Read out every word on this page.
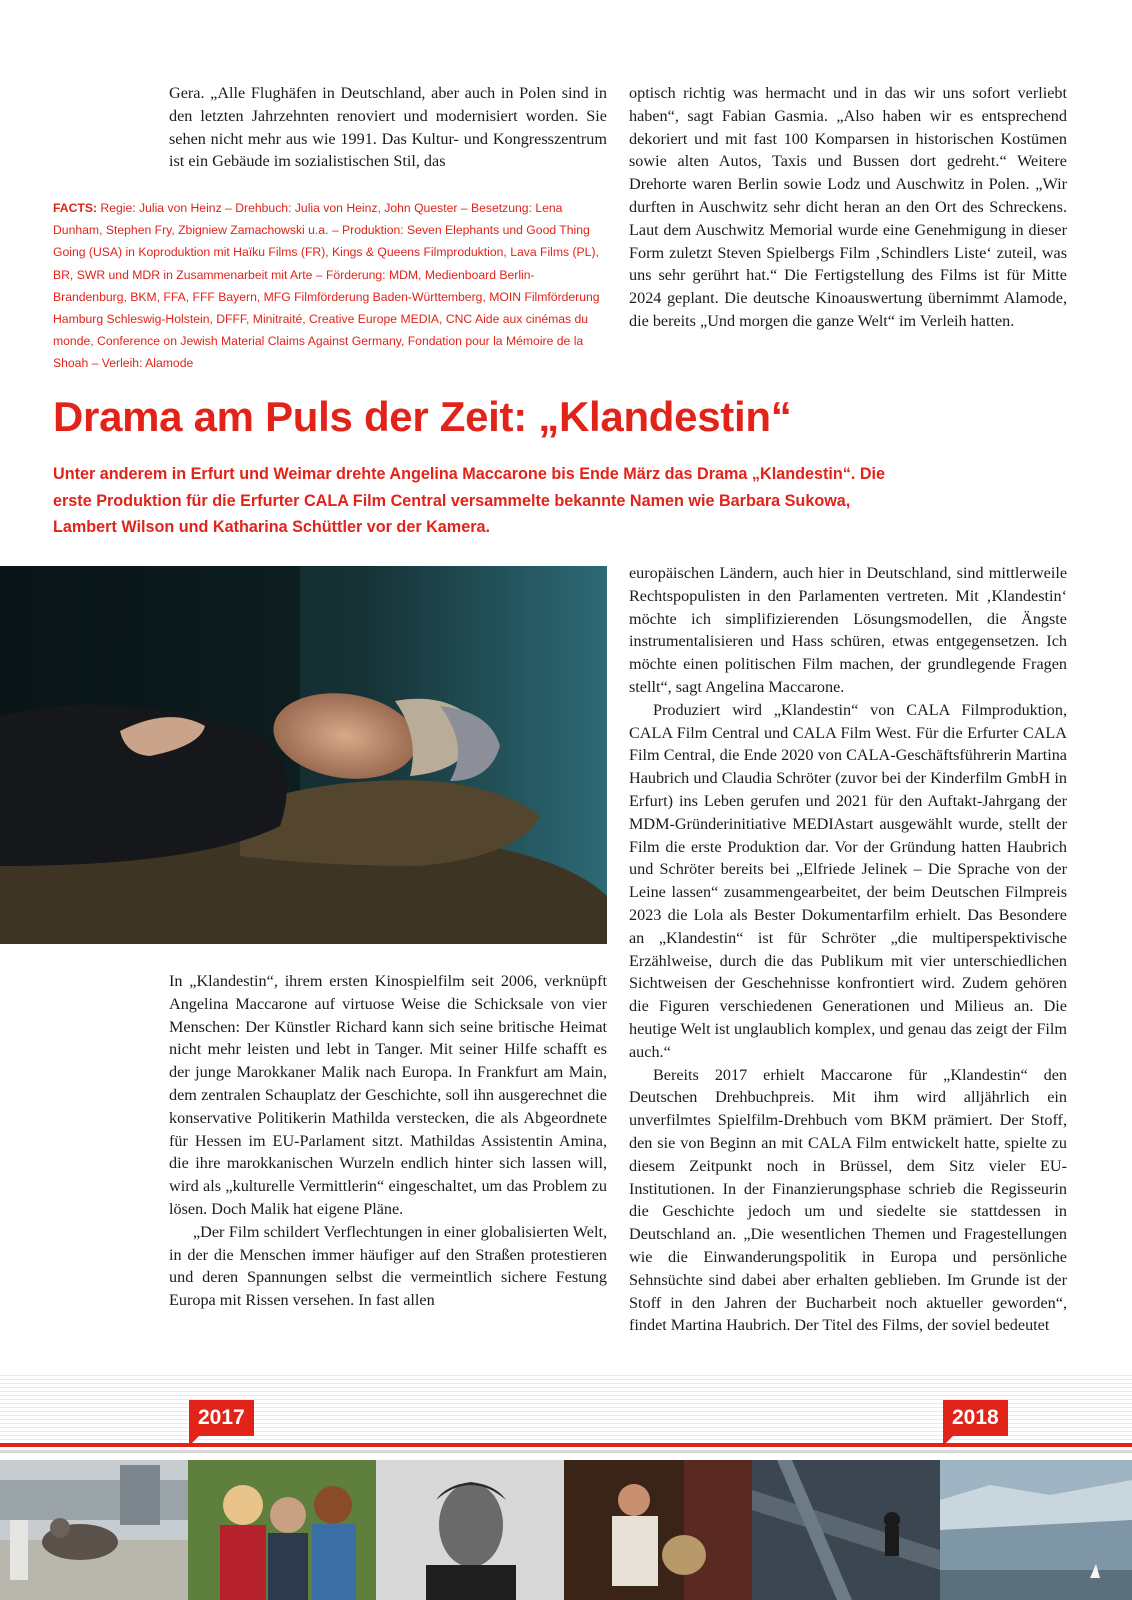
Gera. „Alle Flughäfen in Deutschland, aber auch in Polen sind in den letzten Jahrzehnten renoviert und modernisiert worden. Sie sehen nicht mehr aus wie 1991. Das Kultur- und Kongresszentrum ist ein Gebäude im sozialistischen Stil, das

FACTS: Regie: Julia von Heinz – Drehbuch: Julia von Heinz, John Quester – Besetzung: Lena Dunham, Stephen Fry, Zbigniew Zamachowski u.a. – Produktion: Seven Elephants und Good Thing Going (USA) in Koproduktion mit Haïku Films (FR), Kings & Queens Filmproduktion, Lava Films (PL), BR, SWR und MDR in Zusammenarbeit mit Arte – Förderung: MDM, Medienboard Berlin-Brandenburg, BKM, FFA, FFF Bayern, MFG Filmförderung Baden-Württemberg, MOIN Filmförderung Hamburg Schleswig-Holstein, DFFF, Minitraité, Creative Europe MEDIA, CNC Aide aux cinémas du monde, Conference on Jewish Material Claims Against Germany, Fondation pour la Mémoire de la Shoah – Verleih: Alamode

optisch richtig was hermacht und in das wir uns sofort verliebt haben“, sagt Fabian Gasmia. „Also haben wir es entsprechend dekoriert und mit fast 100 Komparsen in historischen Kostümen sowie alten Autos, Taxis und Bussen dort gedreht.“ Weitere Drehorte waren Berlin sowie Lodz und Auschwitz in Polen. „Wir durften in Auschwitz sehr dicht heran an den Ort des Schreckens. Laut dem Auschwitz Memorial wurde eine Genehmigung in dieser Form zuletzt Steven Spielbergs Film ‚Schindlers Liste‘ zuteil, was uns sehr gerührt hat.“ Die Fertigstellung des Films ist für Mitte 2024 geplant. Die deutsche Kinoauswertung übernimmt Alamode, die bereits „Und morgen die ganze Welt“ im Verleih hatten.

Drama am Puls der Zeit: „Klandestin“
Unter anderem in Erfurt und Weimar drehte Angelina Maccarone bis Ende März das Drama „Klandestin“. Die erste Produktion für die Erfurter CALA Film Central versammelte bekannte Namen wie Barbara Sukowa, Lambert Wilson und Katharina Schüttler vor der Kamera.

In „Klandestin“, ihrem ersten Kinospielfilm seit 2006, verknüpft Angelina Maccarone auf virtuose Weise die Schicksale von vier Menschen: Der Künstler Richard kann sich seine britische Heimat nicht mehr leisten und lebt in Tanger. Mit seiner Hilfe schafft es der junge Marokkaner Malik nach Europa. In Frankfurt am Main, dem zentralen Schauplatz der Geschichte, soll ihn ausgerechnet die konservative Politikerin Mathilda verstecken, die als Abgeordnete für Hessen im EU-Parlament sitzt. Mathildas Assistentin Amina, die ihre marokkanischen Wurzeln endlich hinter sich lassen will, wird als „kulturelle Vermittlerin“ eingeschaltet, um das Problem zu lösen. Doch Malik hat eigene Pläne.

„Der Film schildert Verflechtungen in einer globalisierten Welt, in der die Menschen immer häufiger auf den Straßen protestieren und deren Spannungen selbst die vermeintlich sichere Festung Europa mit Rissen versehen. In fast allen

europäischen Ländern, auch hier in Deutschland, sind mittlerweile Rechtspopulisten in den Parlamenten vertreten. Mit ‚Klandestin‘ möchte ich simplifizierenden Lösungsmodellen, die Ängste instrumentalisieren und Hass schüren, etwas entgegensetzen. Ich möchte einen politischen Film machen, der grundlegende Fragen stellt“, sagt Angelina Maccarone.

Produziert wird „Klandestin“ von CALA Filmproduktion, CALA Film Central und CALA Film West. Für die Erfurter CALA Film Central, die Ende 2020 von CALA-Geschäftsführerin Martina Haubrich und Claudia Schröter (zuvor bei der Kinderfilm GmbH in Erfurt) ins Leben gerufen und 2021 für den Auftakt-Jahrgang der MDM-Gründerinitiative MEDIAstart ausgewählt wurde, stellt der Film die erste Produktion dar. Vor der Gründung hatten Haubrich und Schröter bereits bei „Elfriede Jelinek – Die Sprache von der Leine lassen“ zusammengearbeitet, der beim Deutschen Filmpreis 2023 die Lola als Bester Dokumentarfilm erhielt. Das Besondere an „Klandestin“ ist für Schröter „die multiperspektivische Erzählweise, durch die das Publikum mit vier unterschiedlichen Sichtweisen der Geschehnisse konfrontiert wird. Zudem gehören die Figuren verschiedenen Generationen und Milieus an. Die heutige Welt ist unglaublich komplex, und genau das zeigt der Film auch.“

Bereits 2017 erhielt Maccarone für „Klandestin“ den Deutschen Drehbuchpreis. Mit ihm wird alljährlich ein unverfilmtes Spielfilm-Drehbuch vom BKM prämiert. Der Stoff, den sie von Beginn an mit CALA Film entwickelt hatte, spielte zu diesem Zeitpunkt noch in Brüssel, dem Sitz vieler EU-Institutionen. In der Finanzierungsphase schrieb die Regisseurin die Geschichte jedoch um und siedelte sie stattdessen in Deutschland an. „Die wesentlichen Themen und Fragestellungen wie die Einwanderungspolitik in Europa und persönliche Sehnsüchte sind dabei aber erhalten geblieben. Im Grunde ist der Stoff in den Jahren der Bucharbeit noch aktueller geworden“, findet Martina Haubrich. Der Titel des Films, der soviel bedeutet

2017	2018
